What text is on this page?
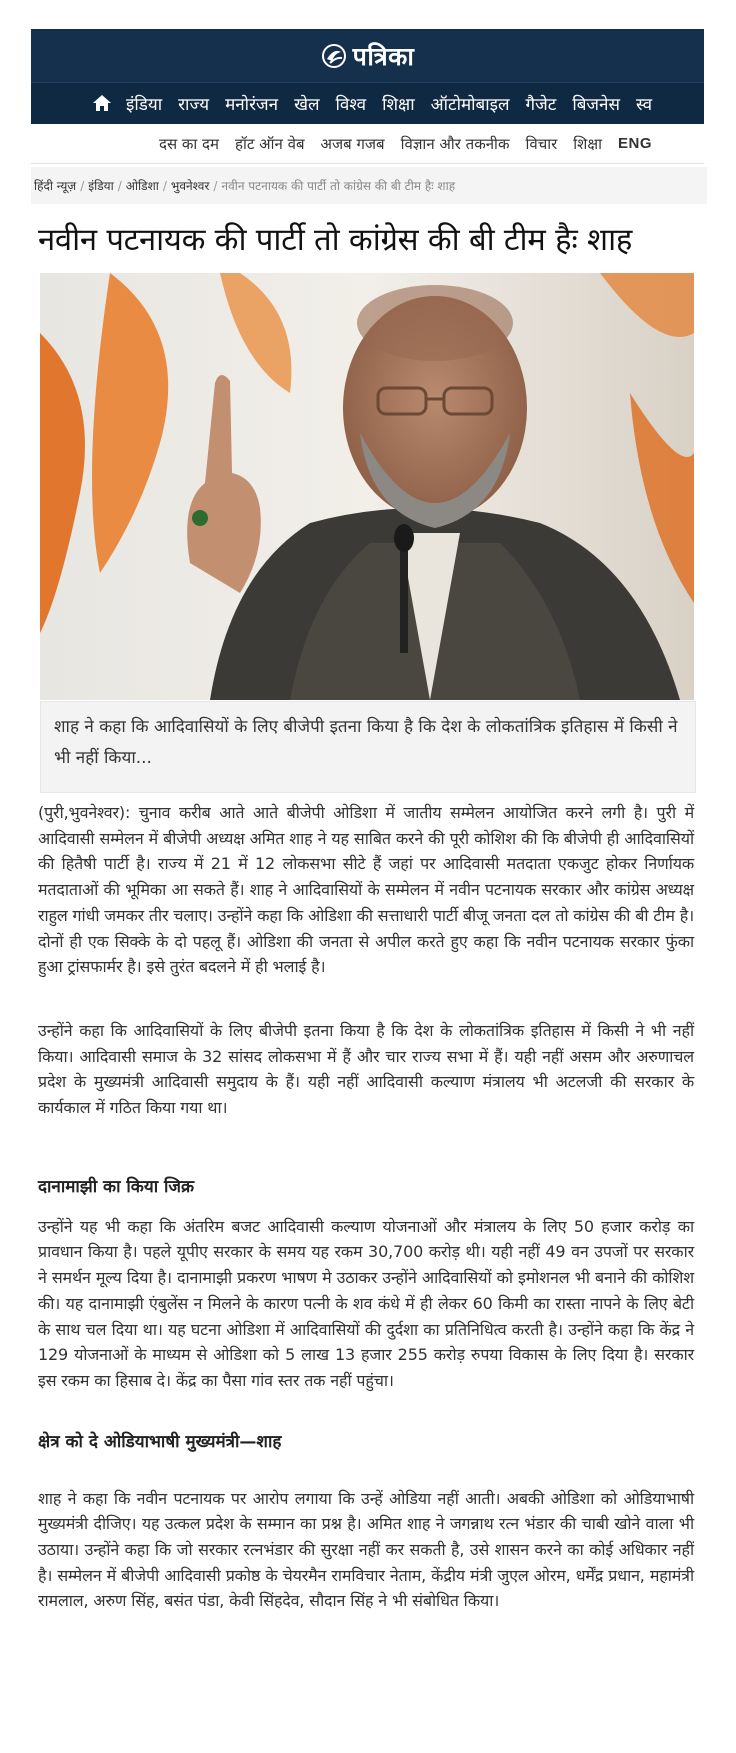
पत्रिका
इंडिया राज्य मनोरंजन खेल विश्व शिक्षा ऑटोमोबाइल गैजेट बिजनेस स्व
दस का दम हॉट ऑन वेब अजब गजब विज्ञान और तकनीक विचार शिक्षा ENG
हिंदी न्यूज़ / इंडिया / ओडिशा / भुवनेश्वर / नवीन पटनायक की पार्टी तो कांग्रेस की बी टीम हैः शाह
नवीन पटनायक की पार्टी तो कांग्रेस की बी टीम हैः शाह
शाह ने कहा कि आदिवासियों के लिए बीजेपी इतना किया है कि देश के लोकतांत्रिक इतिहास में किसी ने भी नहीं किया...

(पुरी,भुवनेश्वर): चुनाव करीब आते आते बीजेपी ओडिशा में जातीय सम्मेलन आयोजित करने लगी है। पुरी में आदिवासी सम्मेलन में बीजेपी अध्यक्ष अमित शाह ने यह साबित करने की पूरी कोशिश की कि बीजेपी ही आदिवासियों की हितैषी पार्टी है। राज्य में 21 में 12 लोकसभा सीटे हैं जहां पर आदिवासी मतदाता एकजुट होकर निर्णायक मतदाताओं की भूमिका आ सकते हैं। शाह ने आदिवासियों के सम्मेलन में नवीन पटनायक सरकार और कांग्रेस अध्यक्ष राहुल गांधी जमकर तीर चलाए। उन्होंने कहा कि ओडिशा की सत्ताधारी पार्टी बीजू जनता दल तो कांग्रेस की बी टीम है। दोनों ही एक सिक्के के दो पहलू हैं। ओडिशा की जनता से अपील करते हुए कहा कि नवीन पटनायक सरकार फुंका हुआ ट्रांसफार्मर है। इसे तुरंत बदलने में ही भलाई है।

उन्होंने कहा कि आदिवासियों के लिए बीजेपी इतना किया है कि देश के लोकतांत्रिक इतिहास में किसी ने भी नहीं किया। आदिवासी समाज के 32 सांसद लोकसभा में हैं और चार राज्य सभा में हैं। यही नहीं असम और अरुणाचल प्रदेश के मुख्यमंत्री आदिवासी समुदाय के हैं। यही नहीं आदिवासी कल्याण मंत्रालय भी अटलजी की सरकार के कार्यकाल में गठित किया गया था।

दानामाझी का किया जिक्र

उन्होंने यह भी कहा कि अंतरिम बजट आदिवासी कल्याण योजनाओं और मंत्रालय के लिए 50 हजार करोड़ का प्रावधान किया है। पहले यूपीए सरकार के समय यह रकम 30,700 करोड़ थी। यही नहीं 49 वन उपजों पर सरकार ने समर्थन मूल्य दिया है। दानामाझी प्रकरण भाषण मे उठाकर उन्होंने आदिवासियों को इमोशनल भी बनाने की कोशिश की। यह दानामाझी एंबुलेंस न मिलने के कारण पत्नी के शव कंधे में ही लेकर 60 किमी का रास्ता नापने के लिए बेटी के साथ चल दिया था। यह घटना ओडिशा में आदिवासियों की दुर्दशा का प्रतिनिधित्व करती है। उन्होंने कहा कि केंद्र ने 129 योजनाओं के माध्यम से ओडिशा को 5 लाख 13 हजार 255 करोड़ रुपया विकास के लिए दिया है। सरकार इस रकम का हिसाब दे। केंद्र का पैसा गांव स्तर तक नहीं पहुंचा।

क्षेत्र को दे ओडियाभाषी मुख्यमंत्री—शाह

शाह ने कहा कि नवीन पटनायक पर आरोप लगाया कि उन्हें ओडिया नहीं आती। अबकी ओडिशा को ओडियाभाषी मुख्यमंत्री दीजिए। यह उत्कल प्रदेश के सम्मान का प्रश्न है। अमित शाह ने जगन्नाथ रत्न भंडार की चाबी खोने वाला भी उठाया। उन्होंने कहा कि जो सरकार रत्नभंडार की सुरक्षा नहीं कर सकती है, उसे शासन करने का कोई अधिकार नहीं है। सम्मेलन में बीजेपी आदिवासी प्रकोष्ठ के चेयरमैन रामविचार नेताम, केंद्रीय मंत्री जुएल ओरम, धर्मेंद्र प्रधान, महामंत्री रामलाल, अरुण सिंह, बसंत पंडा, केवी सिंहदेव, सौदान सिंह ने भी संबोधित किया।
